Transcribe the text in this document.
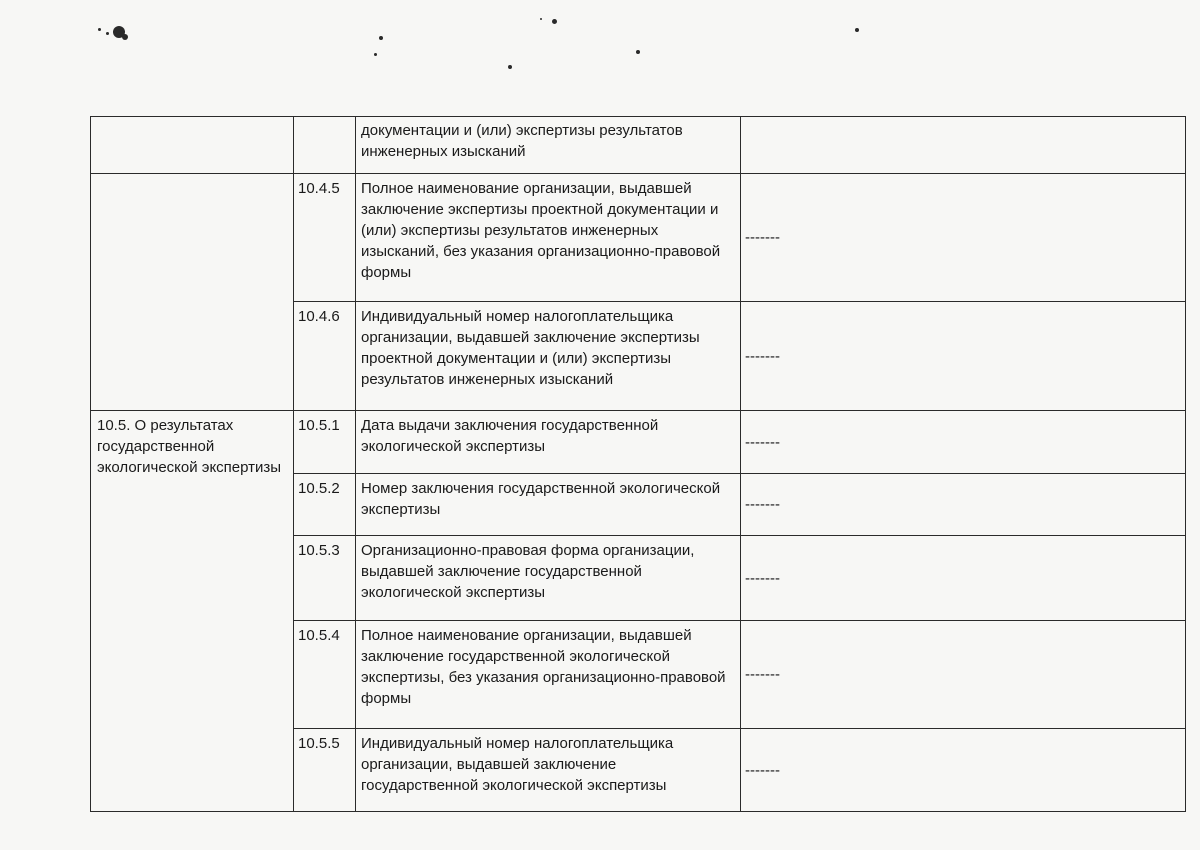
		документации и (или) экспертизы результатов инженерных изысканий	
	10.4.5	Полное наименование организации, выдавшей заключение экспертизы проектной документации и (или) экспертизы результатов инженерных изысканий, без указания организационно-правовой формы	-------
	10.4.6	Индивидуальный номер налогоплательщика организации, выдавшей заключение экспертизы проектной документации и (или) экспертизы результатов инженерных изысканий	-------
10.5. О результатах государственной экологической экспертизы	10.5.1	Дата выдачи заключения государственной экологической экспертизы	-------
	10.5.2	Номер заключения государственной экологической экспертизы	-------
	10.5.3	Организационно-правовая форма организации, выдавшей заключение государственной экологической экспертизы	-------
	10.5.4	Полное наименование организации, выдавшей заключение государственной экологической экспертизы, без указания организационно-правовой формы	-------
	10.5.5	Индивидуальный номер налогоплательщика организации, выдавшей заключение государственной экологической экспертизы	-------
